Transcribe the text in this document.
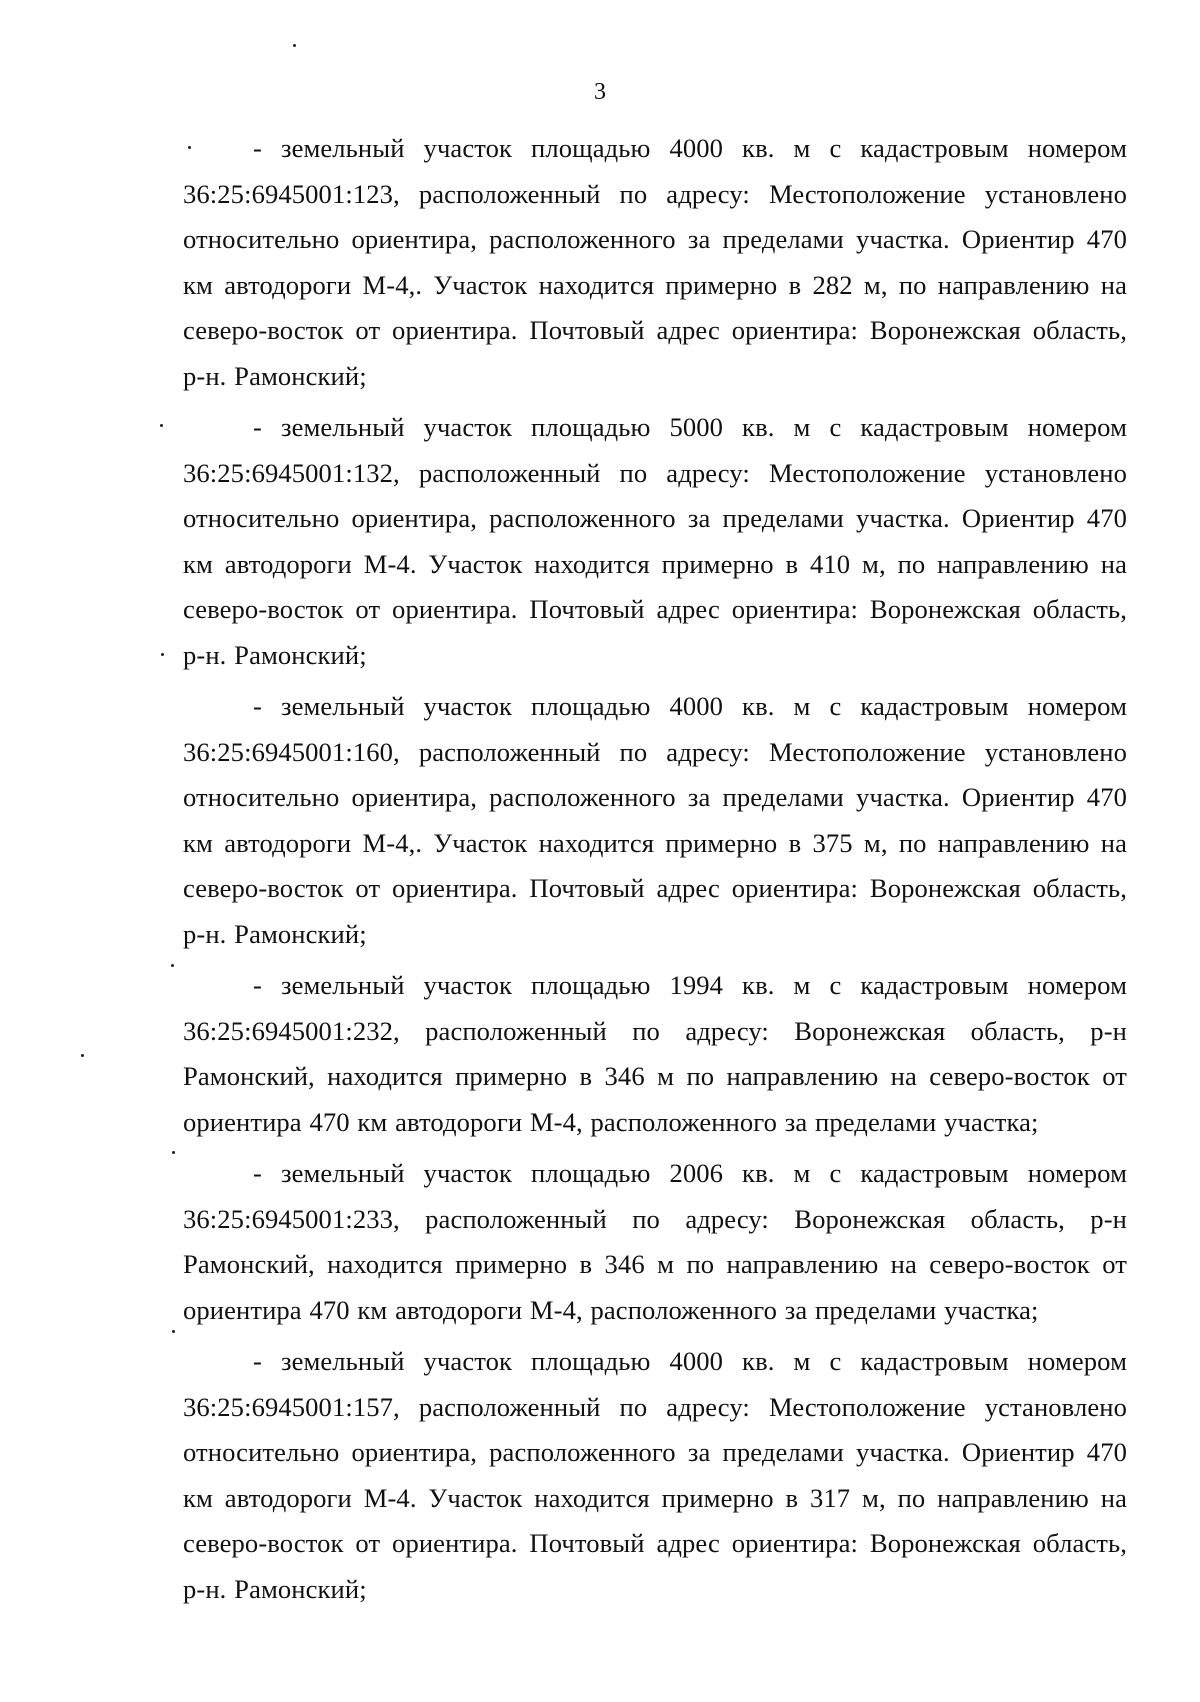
3

- земельный участок площадью 4000 кв. м с кадастровым номером 36:25:6945001:123, расположенный по адресу: Местоположение установлено относительно ориентира, расположенного за пределами участка. Ориентир 470 км автодороги М-4,. Участок находится примерно в 282 м, по направлению на северо-восток от ориентира. Почтовый адрес ориентира: Воронежская область, р-н. Рамонский;

- земельный участок площадью 5000 кв. м с кадастровым номером 36:25:6945001:132, расположенный по адресу: Местоположение установлено относительно ориентира, расположенного за пределами участка. Ориентир 470 км автодороги М-4. Участок находится примерно в 410 м, по направлению на северо-восток от ориентира. Почтовый адрес ориентира: Воронежская область, р-н. Рамонский;

- земельный участок площадью 4000 кв. м с кадастровым номером 36:25:6945001:160, расположенный по адресу: Местоположение установлено относительно ориентира, расположенного за пределами участка. Ориентир 470 км автодороги М-4,. Участок находится примерно в 375 м, по направлению на северо-восток от ориентира. Почтовый адрес ориентира: Воронежская область, р-н. Рамонский;

- земельный участок площадью 1994 кв. м с кадастровым номером 36:25:6945001:232, расположенный по адресу: Воронежская область, р-н Рамонский, находится примерно в 346 м по направлению на северо-восток от ориентира 470 км автодороги М-4, расположенного за пределами участка;

- земельный участок площадью 2006 кв. м с кадастровым номером 36:25:6945001:233, расположенный по адресу: Воронежская область, р-н Рамонский, находится примерно в 346 м по направлению на северо-восток от ориентира 470 км автодороги М-4, расположенного за пределами участка;

- земельный участок площадью 4000 кв. м с кадастровым номером 36:25:6945001:157, расположенный по адресу: Местоположение установлено относительно ориентира, расположенного за пределами участка. Ориентир 470 км автодороги М-4. Участок находится примерно в 317 м, по направлению на северо-восток от ориентира. Почтовый адрес ориентира: Воронежская область, р-н. Рамонский;
